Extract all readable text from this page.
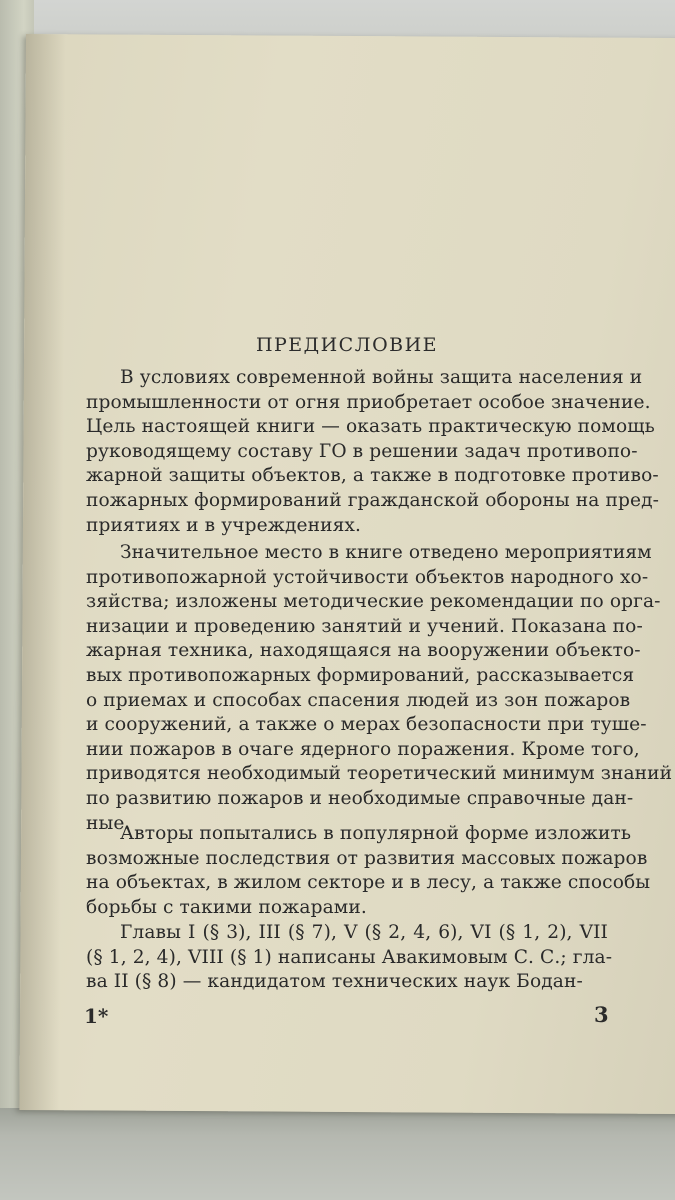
ПРЕДИСЛОВИЕ
В условиях современной войны защита населения и
промышленности от огня приобретает особое значение.
Цель настоящей книги — оказать практическую помощь
руководящему составу ГО в решении задач противопо-
жарной защиты объектов, а также в подготовке противо-
пожарных формирований гражданской обороны на пред-
приятиях и в учреждениях.
Значительное место в книге отведено мероприятиям
противопожарной устойчивости объектов народного хо-
зяйства; изложены методические рекомендации по орга-
низации и проведению занятий и учений. Показана по-
жарная техника, находящаяся на вооружении объекто-
вых противопожарных формирований, рассказывается
о приемах и способах спасения людей из зон пожаров
и сооружений, а также о мерах безопасности при туше-
нии пожаров в очаге ядерного поражения. Кроме того,
приводятся необходимый теоретический минимум знаний
по развитию пожаров и необходимые справочные дан-
ные.
Авторы попытались в популярной форме изложить
возможные последствия от развития массовых пожаров
на объектах, в жилом секторе и в лесу, а также способы
борьбы с такими пожарами.
Главы I (§ 3), III (§ 7), V (§ 2, 4, 6), VI (§ 1, 2), VII
(§ 1, 2, 4), VIII (§ 1) написаны Авакимовым С. С.; гла-
ва II (§ 8) — кандидатом технических наук Бодан-
1*	3
